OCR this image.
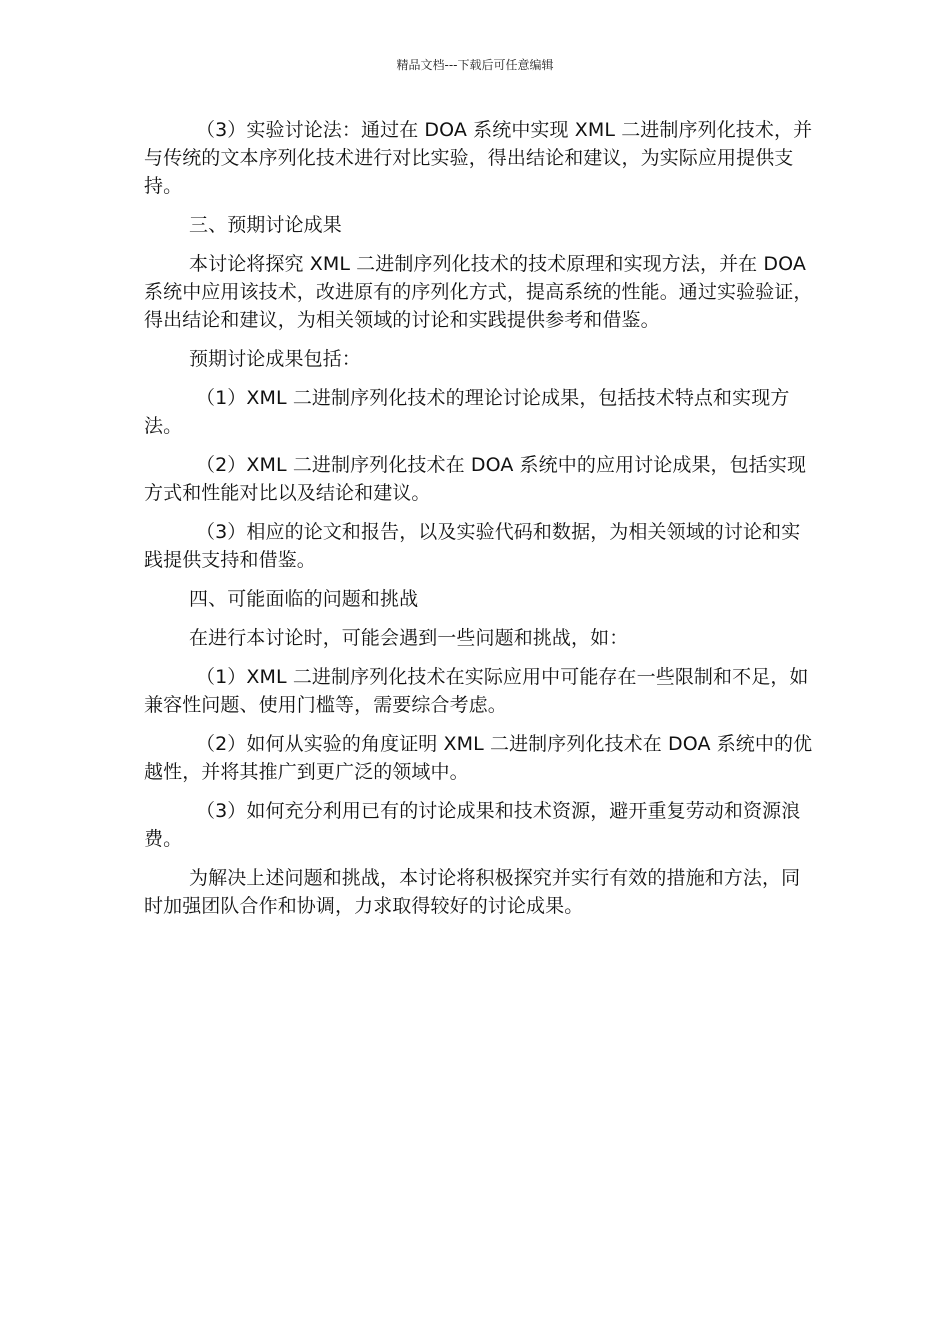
精品文档---下载后可任意编辑

（3）实验讨论法：通过在 DOA 系统中实现 XML 二进制序列化技术，并与传统的文本序列化技术进行对比实验，得出结论和建议，为实际应用提供支持。

三、预期讨论成果

本讨论将探究 XML 二进制序列化技术的技术原理和实现方法，并在 DOA 系统中应用该技术，改进原有的序列化方式，提高系统的性能。通过实验验证，得出结论和建议，为相关领域的讨论和实践提供参考和借鉴。

预期讨论成果包括：

（1）XML 二进制序列化技术的理论讨论成果，包括技术特点和实现方法。

（2）XML 二进制序列化技术在 DOA 系统中的应用讨论成果，包括实现方式和性能对比以及结论和建议。

（3）相应的论文和报告，以及实验代码和数据，为相关领域的讨论和实践提供支持和借鉴。

四、可能面临的问题和挑战

在进行本讨论时，可能会遇到一些问题和挑战，如：

（1）XML 二进制序列化技术在实际应用中可能存在一些限制和不足，如兼容性问题、使用门槛等，需要综合考虑。

（2）如何从实验的角度证明 XML 二进制序列化技术在 DOA 系统中的优越性，并将其推广到更广泛的领域中。

（3）如何充分利用已有的讨论成果和技术资源，避开重复劳动和资源浪费。

为解决上述问题和挑战，本讨论将积极探究并实行有效的措施和方法，同时加强团队合作和协调，力求取得较好的讨论成果。
